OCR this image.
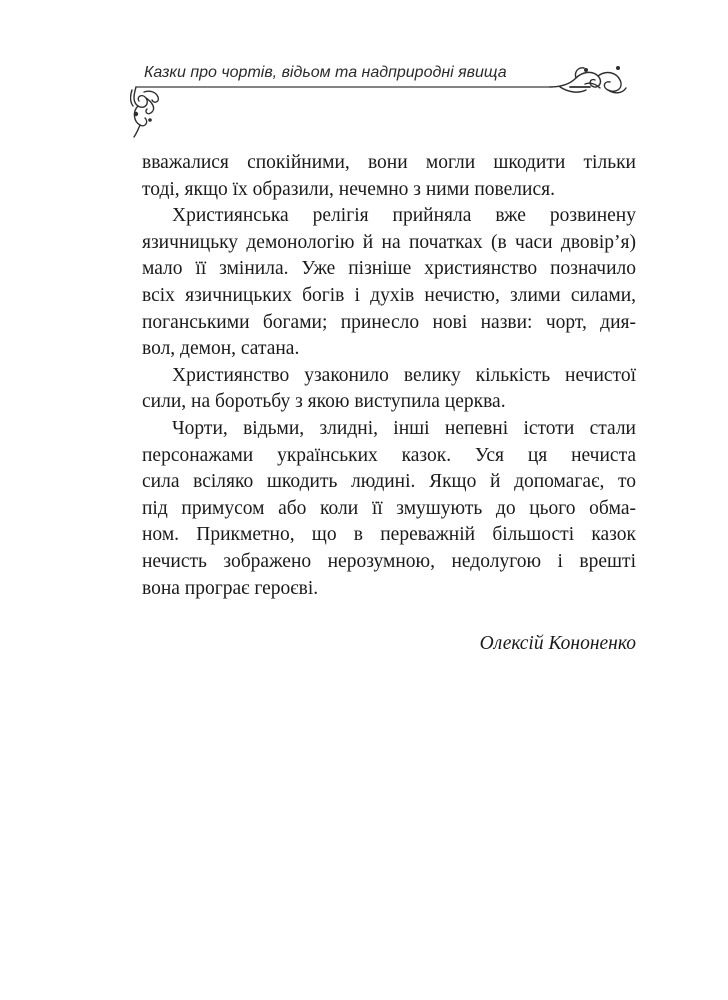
Казки про чортів, відьом та надприродні явища

вважалися спокійними, вони могли шкодити тільки
тоді, якщо їх образили, нечемно з ними повелися.

Християнська релігія прийняла вже розвинену
язичницьку демонологію й на початках (в часи двовір’я)
мало її змінила. Уже пізніше християнство позначило
всіх язичницьких богів і духів нечистю, злими силами,
поганськими богами; принесло нові назви: чорт, дия-
вол, демон, сатана.

Християнство узаконило велику кількість нечистої
сили, на боротьбу з якою виступила церква.

Чорти, відьми, злидні, інші непевні істоти стали
персонажами українських казок. Уся ця нечиста
сила всіляко шкодить людині. Якщо й допомагає, то
під примусом або коли її змушують до цього обма-
ном. Прикметно, що в переважній більшості казок
нечисть зображено нерозумною, недолугою і врешті
вона програє героєві.

Олексій Кононенко
